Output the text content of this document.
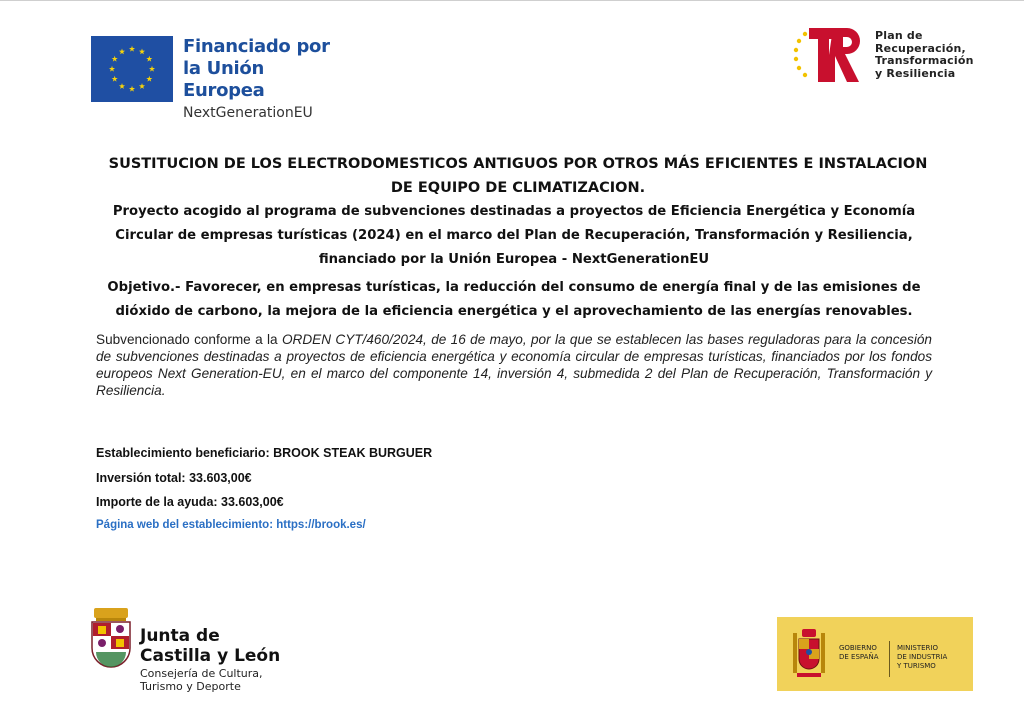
Financiado por
la Unión Europea
NextGenerationEU
Plan de
Recuperación,
Transformación
y Resiliencia
SUSTITUCION DE LOS ELECTRODOMESTICOS ANTIGUOS POR OTROS MÁS EFICIENTES E INSTALACION DE EQUIPO DE CLIMATIZACION.
Proyecto acogido al programa de subvenciones destinadas a proyectos de Eficiencia Energética y Economía Circular de empresas turísticas (2024) en el marco del Plan de Recuperación, Transformación y Resiliencia, financiado por la Unión Europea - NextGenerationEU
Objetivo.- Favorecer, en empresas turísticas, la reducción del consumo de energía final y de las emisiones de dióxido de carbono, la mejora de la eficiencia energética y el aprovechamiento de las energías renovables.
Subvencionado conforme a la ORDEN CYT/460/2024, de 16 de mayo, por la que se establecen las bases reguladoras para la concesión de subvenciones destinadas a proyectos de eficiencia energética y economía circular de empresas turísticas, financiados por los fondos europeos Next Generation-EU, en el marco del componente 14, inversión 4, submedida 2 del Plan de Recuperación, Transformación y Resiliencia.
Establecimiento beneficiario: BROOK STEAK BURGUER
Inversión total: 33.603,00€
Importe de la ayuda: 33.603,00€
Página web del establecimiento: https://brook.es/
Junta de
Castilla y León
Consejería de Cultura,
Turismo y Deporte
GOBIERNO
DE ESPAÑA
MINISTERIO
DE INDUSTRIA
Y TURISMO
